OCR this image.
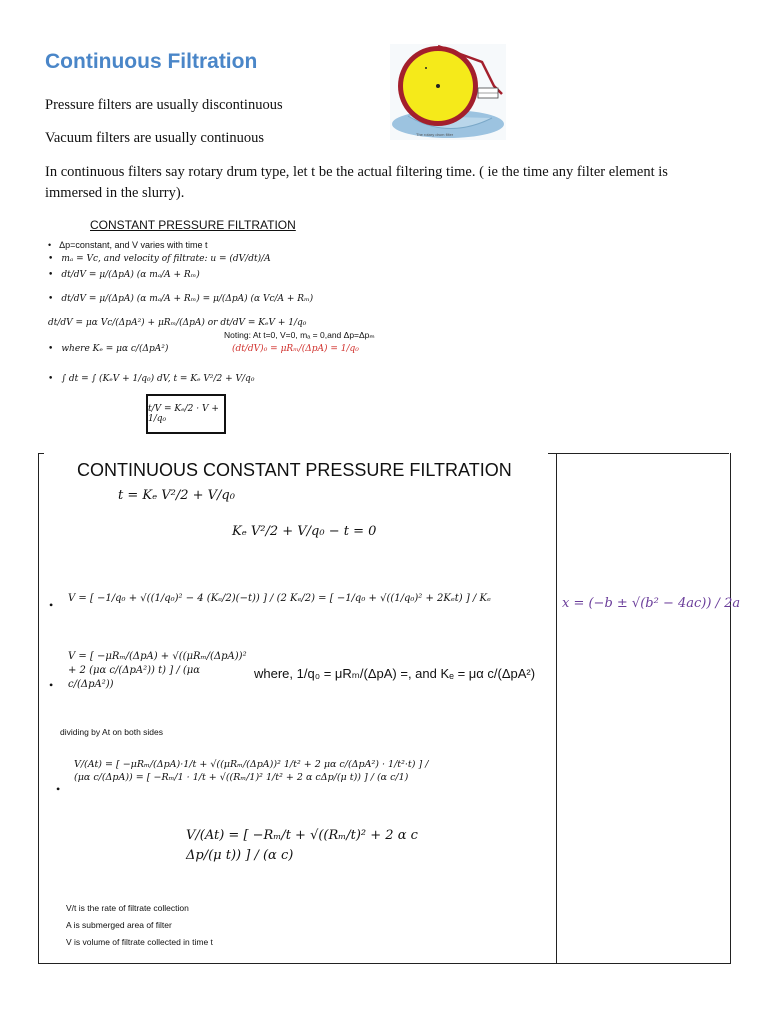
Continuous Filtration
Pressure filters are usually discontinuous
Vacuum filters are usually continuous
In continuous filters say rotary drum type, let t be the actual filtering time. ( ie the time any filter element is
immersed in the slurry).
The rotary drum filter
CONSTANT PRESSURE FILTRATION
• Δp=constant, and V varies with time t
• mₐ = Vc, and velocity of filtrate: u = (dV/dt)/A
• dt/dV = μ/(ΔpA) (α mₐ/A + Rₘ)
• dt/dV = μ/(ΔpA) (α mₐ/A + Rₘ) = μ/(ΔpA) (α Vc/A + Rₘ)
dt/dV = μα Vc/(ΔpA²) + μRₘ/(ΔpA) or dt/dV = KₑV + 1/q₀
• where Kₑ = μα c/(ΔpA²)
• ∫ dt = ∫ (KₑV + 1/q₀) dV, t = Kₑ V²/2 + V/q₀
Noting: At t=0, V=0, mₐ = 0,and Δp=Δpₘ
(dt/dV)₀ = μRₘ/(ΔpA) = 1/q₀
t/V = Kₑ/2 · V + 1/q₀
CONTINUOUS CONSTANT PRESSURE FILTRATION
t = Kₑ V²/2 + V/q₀
Kₑ V²/2 + V/q₀ − t = 0
• V = [ −1/q₀ + √((1/q₀)² − 4 (Kₑ/2)(−t)) ] / (2 Kₑ/2) = [ −1/q₀ + √((1/q₀)² + 2Kₑt) ] / Kₑ
•
V = [ −μRₘ/(ΔpA) + √((μRₘ/(ΔpA))² + 2 (μα c/(ΔpA²)) t) ] / (μα c/(ΔpA²))
where, 1/q₀ = μRₘ/(ΔpA) =, and Kₑ = μα c/(ΔpA²)
dividing by At on both sides
•
V/(At) = [ −μRₘ/(ΔpA)·1/t + √((μRₘ/(ΔpA))² 1/t² + 2 μα c/(ΔpA²) · 1/t²·t) ] / (μα c/(ΔpA)) = [ −Rₘ/1 · 1/t + √((Rₘ/1)² 1/t² + 2 α cΔp/(μ t)) ] / (α c/1)
V/(At) = [ −Rₘ/t + √((Rₘ/t)² + 2 α c Δp/(μ t)) ] / (α c)
V/t is the rate of filtrate collection
A is submerged area of filter
V is volume of filtrate collected in time t
x = (−b ± √(b² − 4ac)) / 2a
